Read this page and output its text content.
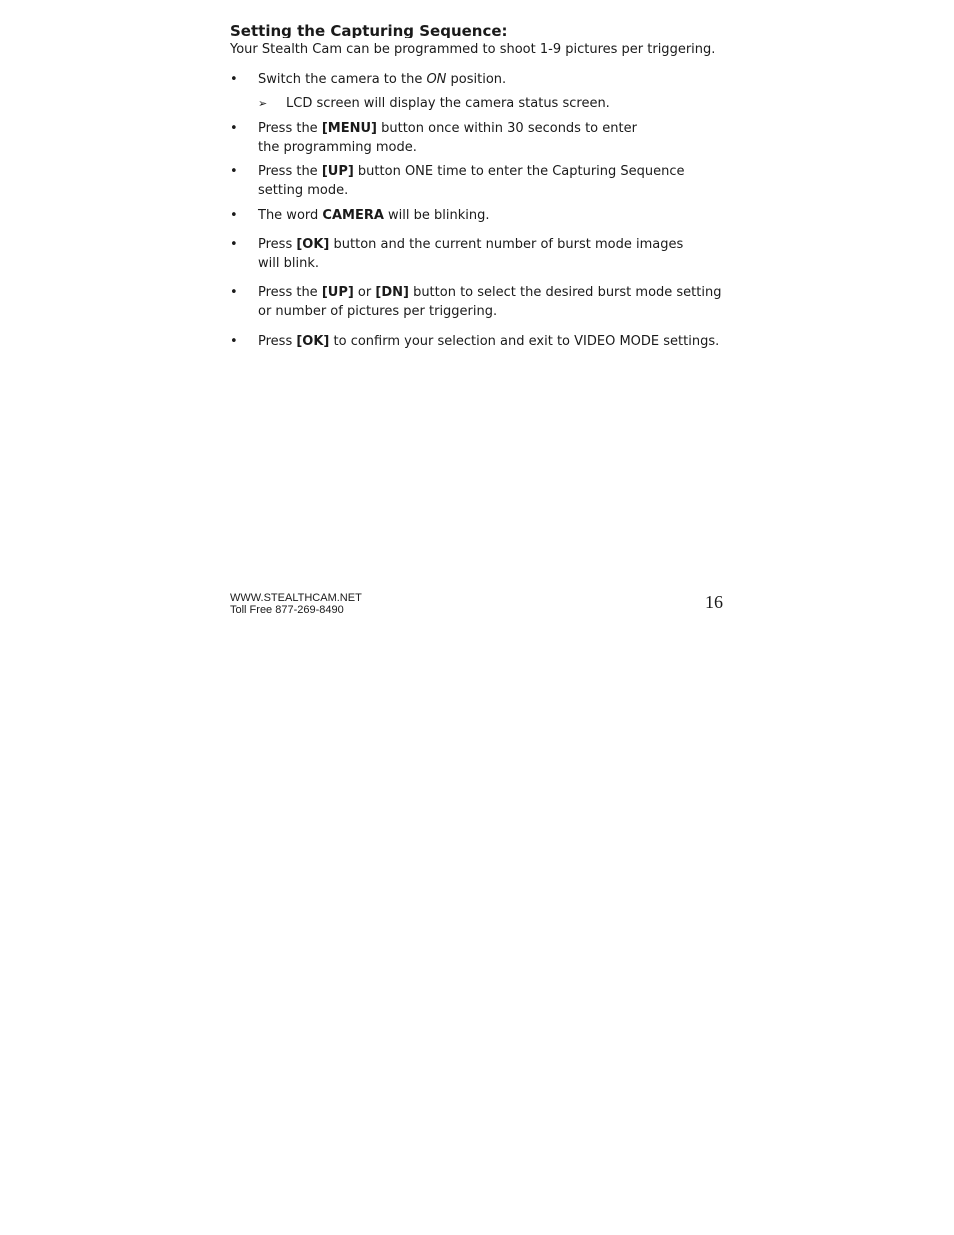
Setting the Capturing Sequence:
Your Stealth Cam can be programmed to shoot 1-9 pictures per triggering.
•	Switch the camera to the ON position.
➢ LCD screen will display the camera status screen.
•	Press the [MENU] button once within 30 seconds to enter the programming mode.
•	Press the [UP] button ONE time to enter the Capturing Sequence setting mode.
•	The word CAMERA will be blinking.
•	Press [OK] button and the current number of burst mode images will blink.
•	Press the [UP] or [DN] button to select the desired burst mode setting or number of pictures per triggering.
•	Press [OK] to confirm your selection and exit to VIDEO MODE settings.
WWW.STEALTHCAM.NET
Toll Free 877-269-8490	16
